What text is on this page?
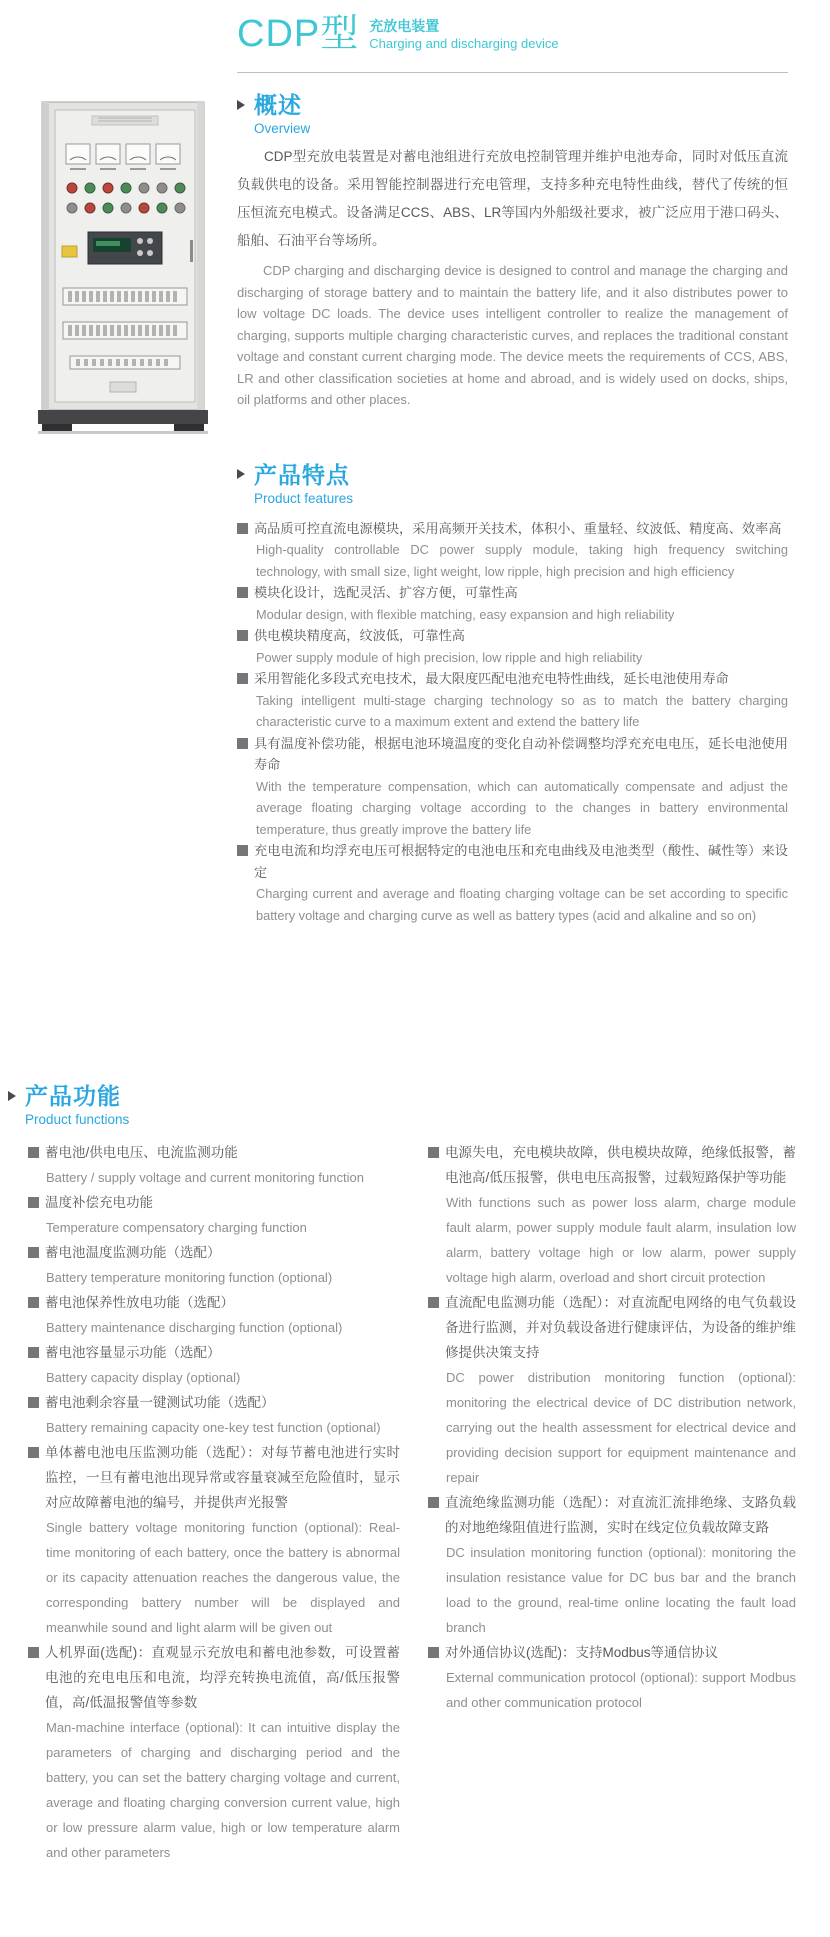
CDP型 充放电装置
Charging and discharging device
概述
Overview

CDP型充放电装置是对蓄电池组进行充放电控制管理并维护电池寿命，同时对低压直流负载供电的设备。采用智能控制器进行充电管理，支持多种充电特性曲线，替代了传统的恒压恒流充电模式。设备满足CCS、ABS、LR等国内外船级社要求，被广泛应用于港口码头、船舶、石油平台等场所。

CDP charging and discharging device is designed to control and manage the charging and discharging of storage battery and to maintain the battery life, and it also distributes power to low voltage DC loads. The device uses intelligent controller to realize the management of charging, supports multiple charging characteristic curves, and replaces the traditional constant voltage and constant current charging mode. The device meets the requirements of CCS, ABS, LR and other classification societies at home and abroad, and is widely used on docks, ships, oil platforms and other places.

产品特点
Product features
高品质可控直流电源模块，采用高频开关技术，体积小、重量轻、纹波低、精度高、效率高
High-quality controllable DC power supply module, taking high frequency switching technology, with small size, light weight, low ripple, high precision and high efficiency
模块化设计，选配灵活、扩容方便，可靠性高
Modular design, with flexible matching, easy expansion and high reliability
供电模块精度高，纹波低，可靠性高
Power supply module of high precision, low ripple and high reliability
采用智能化多段式充电技术，最大限度匹配电池充电特性曲线，延长电池使用寿命
Taking intelligent multi-stage charging technology so as to match the battery charging characteristic curve to a maximum extent and extend the battery life
具有温度补偿功能，根据电池环境温度的变化自动补偿调整均浮充充电电压，延长电池使用寿命
With the temperature compensation, which can automatically compensate and adjust the average floating charging voltage according to the changes in battery environmental temperature, thus greatly improve the battery life
充电电流和均浮充电压可根据特定的电池电压和充电曲线及电池类型（酸性、碱性等）来设定
Charging current and average and floating charging voltage can be set according to specific battery voltage and charging curve as well as battery types (acid and alkaline and so on)
产品功能
Product functions
蓄电池/供电电压、电流监测功能
Battery / supply voltage and current monitoring function
温度补偿充电功能
Temperature compensatory charging function
蓄电池温度监测功能（选配）
Battery temperature monitoring function (optional)
蓄电池保养性放电功能（选配）
Battery maintenance discharging function (optional)
蓄电池容量显示功能（选配）
Battery capacity display (optional)
蓄电池剩余容量一键测试功能（选配）
Battery remaining capacity one-key test function (optional)
单体蓄电池电压监测功能（选配）：对每节蓄电池进行实时监控，一旦有蓄电池出现异常或容量衰减至危险值时，显示对应故障蓄电池的编号，并提供声光报警
Single battery voltage monitoring function (optional): Real-time monitoring of each battery, once the battery is abnormal or its capacity attenuation reaches the dangerous value, the corresponding battery number will be displayed and meanwhile sound and light alarm will be given out
人机界面(选配)：直观显示充放电和蓄电池参数，可设置蓄电池的充电电压和电流，均浮充转换电流值，高/低压报警值，高/低温报警值等参数
Man-machine interface (optional): It can intuitive display the parameters of charging and discharging period and the battery, you can set the battery charging voltage and current, average and floating charging conversion current value, high or low pressure alarm value, high or low temperature alarm and other parameters
电源失电，充电模块故障，供电模块故障，绝缘低报警，蓄电池高/低压报警，供电电压高报警，过载短路保护等功能
With functions such as power loss alarm, charge module fault alarm, power supply module fault alarm, insulation low alarm, battery voltage high or low alarm, power supply voltage high alarm, overload and short circuit protection
直流配电监测功能（选配）：对直流配电网络的电气负载设备进行监测，并对负载设备进行健康评估，为设备的维护维修提供决策支持
DC power distribution monitoring function (optional): monitoring the electrical device of DC distribution network, carrying out the health assessment for electrical device and providing decision support for equipment maintenance and repair
直流绝缘监测功能（选配）：对直流汇流排绝缘、支路负载的对地绝缘阻值进行监测，实时在线定位负载故障支路
DC insulation monitoring function (optional): monitoring the insulation resistance value for DC bus bar and the branch load to the ground, real-time online locating the fault load branch
对外通信协议(选配)：支持Modbus等通信协议
External communication protocol (optional): support Modbus and other communication protocol
